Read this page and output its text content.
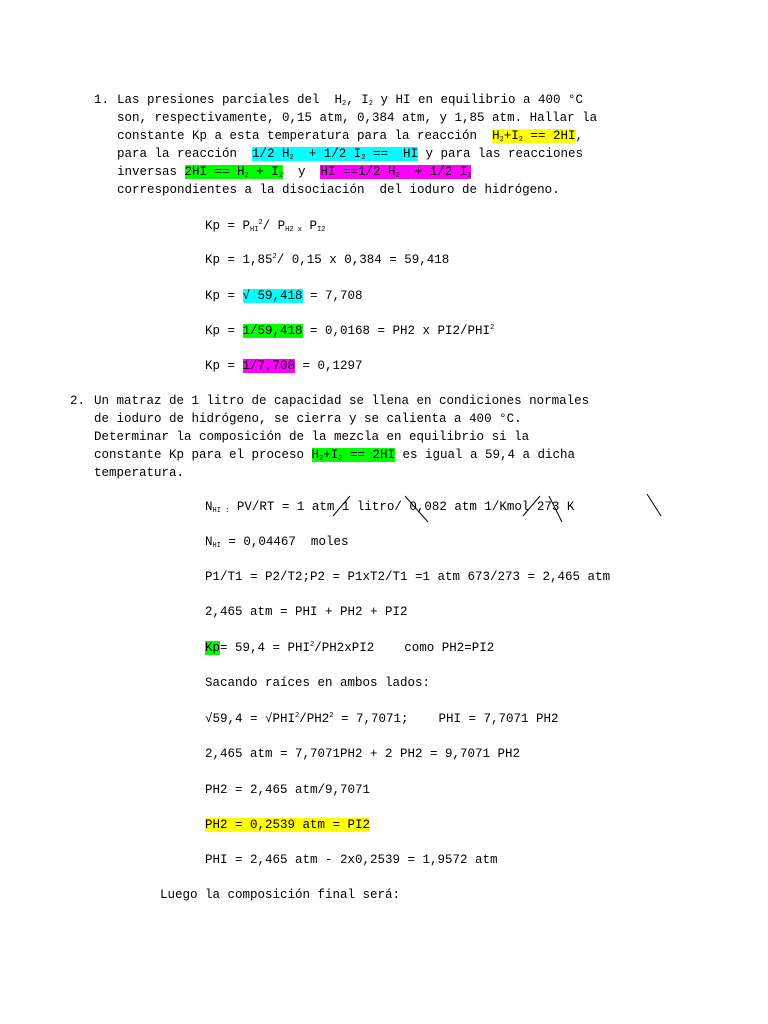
1. Las presiones parciales del  $H_2$, $I_2$ y HI en equilibrio a 400 °C
son, respectivamente, 0,15 atm, 0,384 atm, y 1,85 atm. Hallar la
constante Kp a esta temperatura para la reacción  $H_2+I_2 == 2HI$,
para la reacción  1/2 $H_2 + 1/2$ $I_2$ ==  HI y para las reacciones
inversas $2HI == H_2 + I_2$  y  HI ==1/2 $H_2 + 1/2$ $I_2$
correspondientes a la disociación  del ioduro de hidrógeno.
$Kp = P_{HI}^2/$ $P_{H2 x}$ $P_{I2}$
$Kp = 1,85^2/$ 0,15 x 0,384 = 59,418
Kp = √ 59,418 = 7,708
Kp = 1/59,418 = 0,0168 = PH2 x PI2/PHI$^2$
Kp = 1/7,708 = 0,1297
2. Un matraz de 1 litro de capacidad se llena en condiciones normales
de ioduro de hidrógeno, se cierra y se calienta a 400 °C.
Determinar la composición de la mezcla en equilibrio si la
constante Kp para el proceso $H_2+I_2 == 2HI$ es igual a 59,4 a dicha
temperatura.
$N_{HI :}$ PV/RT = 1 atm 1 litro/ 0,082 atm 1/Kmol 273 K
$N_{HI} = 0,04467$  moles
P1/T1 = P2/T2;P2 = P1xT2/T1 =1 atm 673/273 = 2,465 atm
2,465 atm = PHI + PH2 + PI2
$Kp= 59,4 = PHI^2/PH2xPI2$    como PH2=PI2
Sacando raíces en ambos lados:
$√59,4 = √PHI^2/PH2^2 = 7,7071$;    PHI = 7,7071 PH2
2,465 atm = 7,7071PH2 + 2 PH2 = 9,7071 PH2
PH2 = 2,465 atm/9,7071
PH2 = 0,2539 atm = PI2
PHI = 2,465 atm - 2x0,2539 = 1,9572 atm
Luego la composición final será:
